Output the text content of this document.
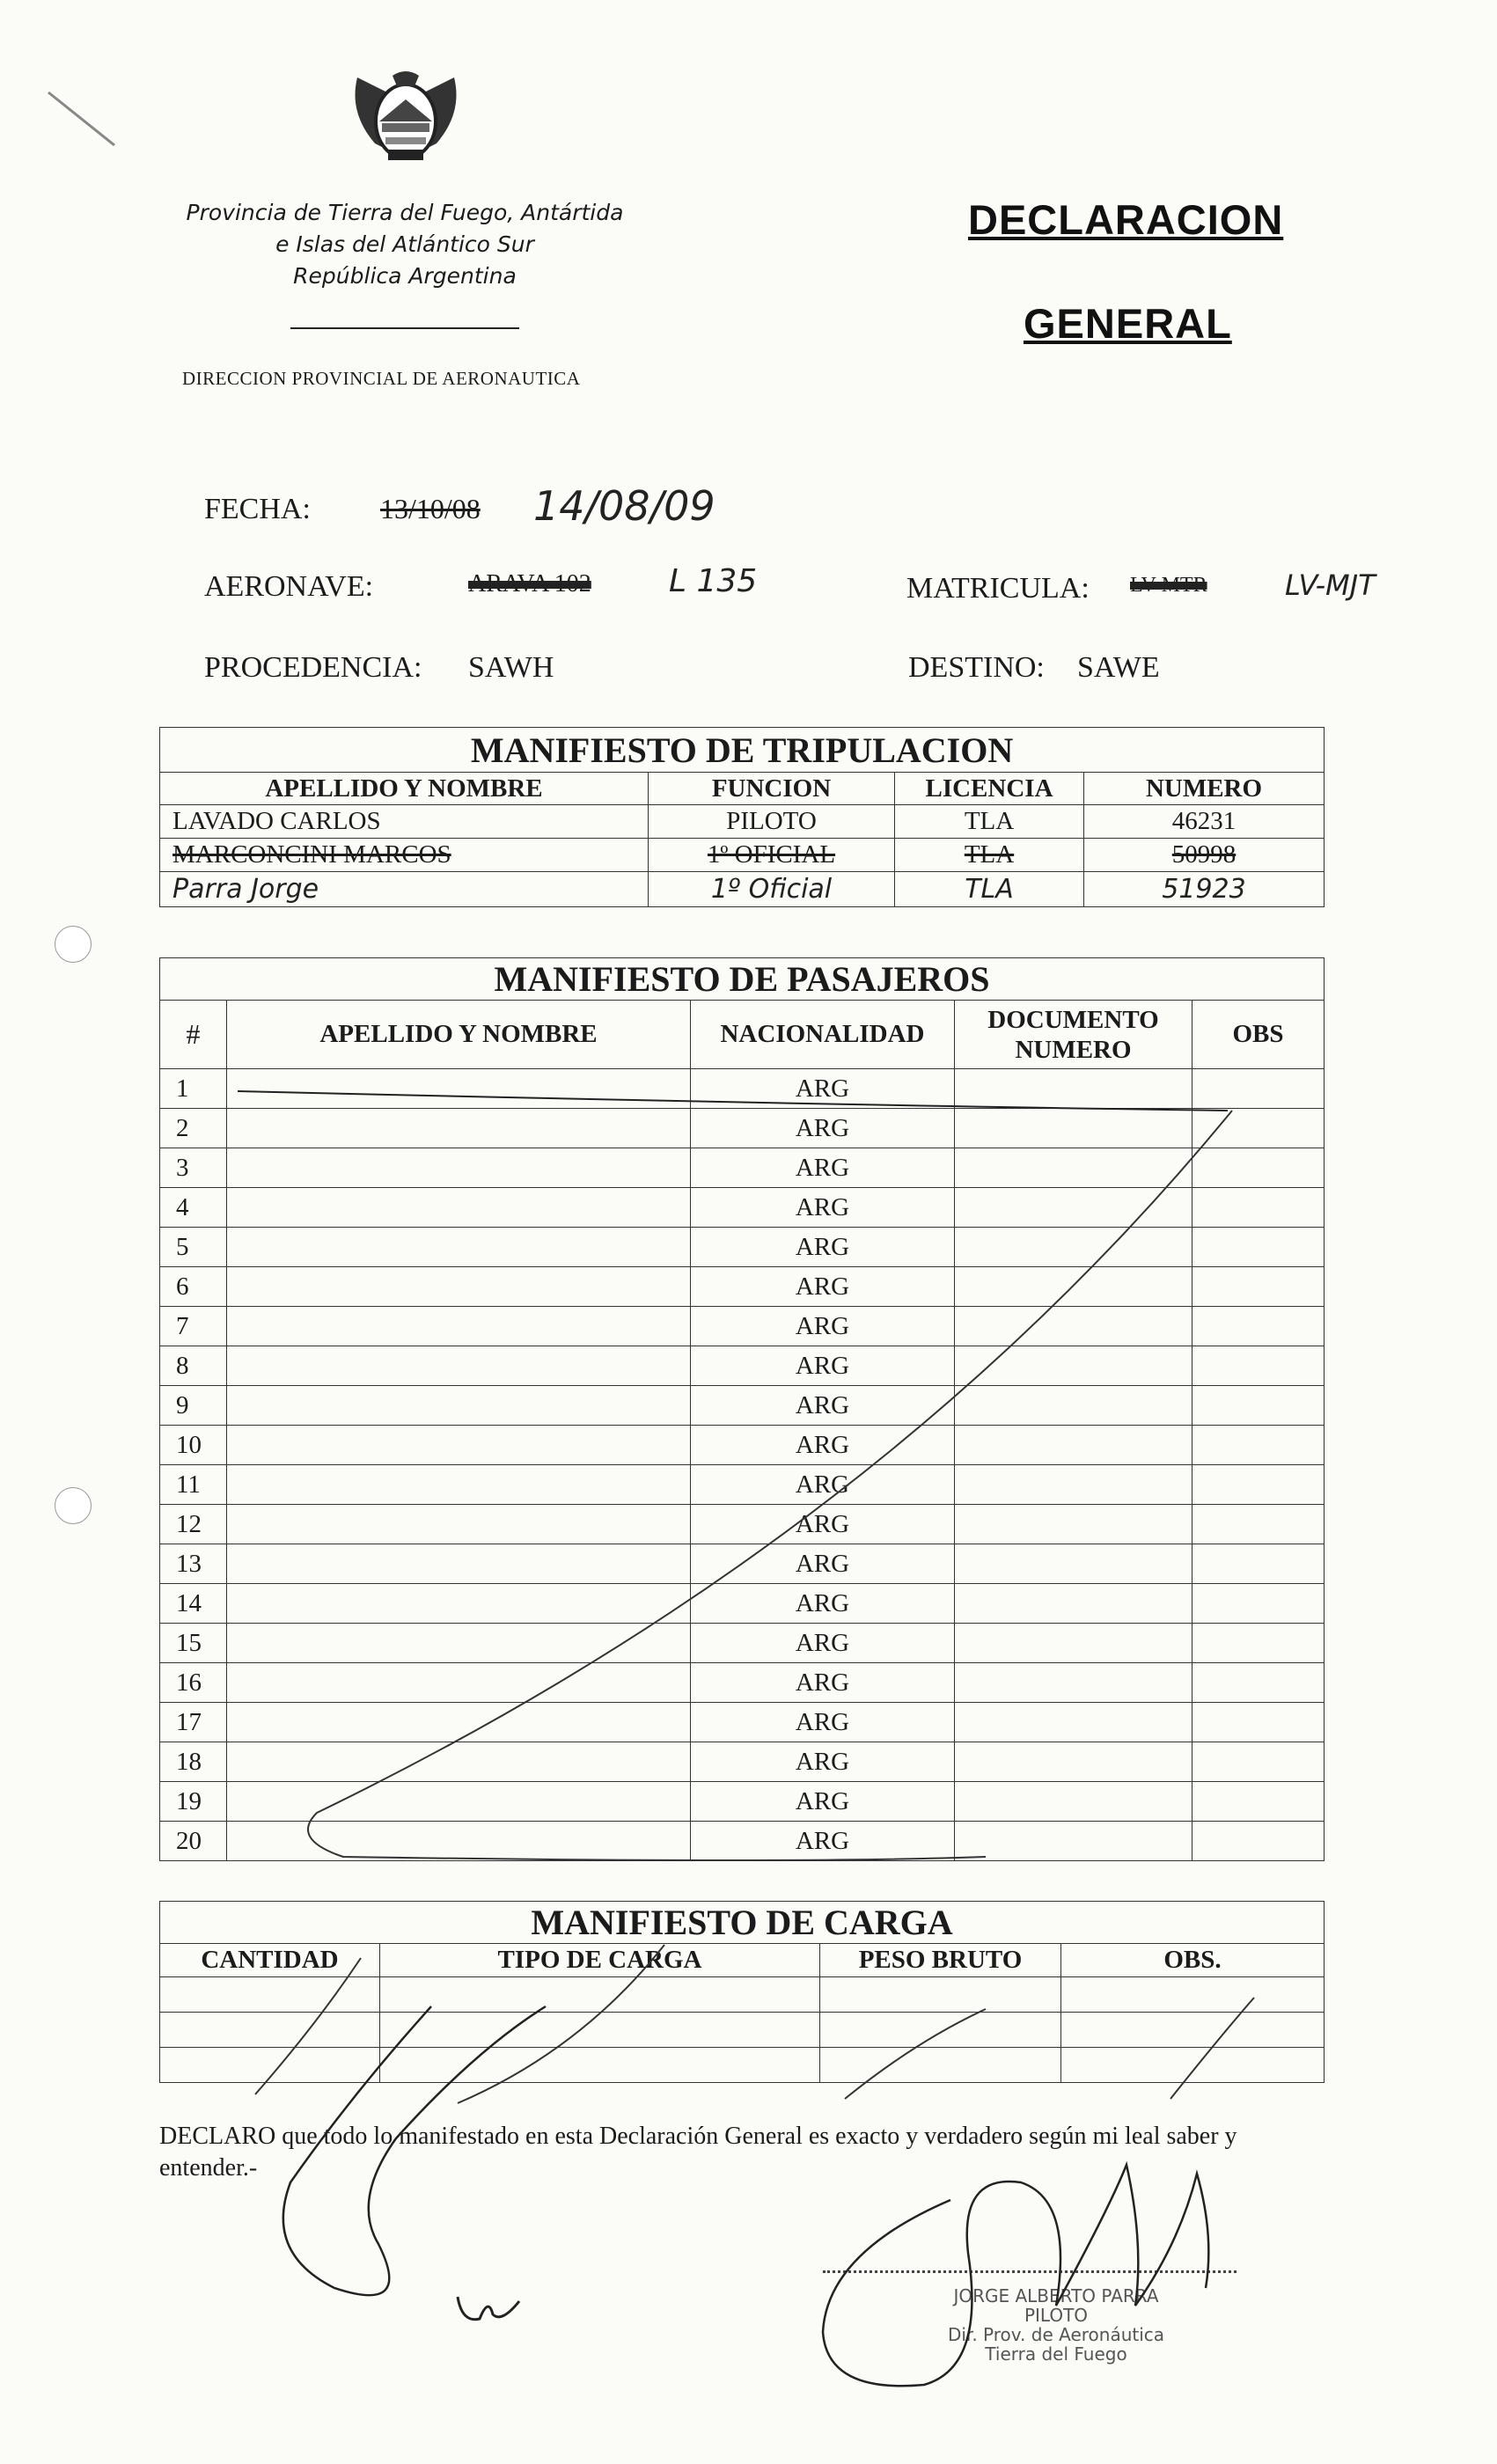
Provincia de Tierra del Fuego, Antártida
e Islas del Atlántico Sur
República Argentina
DIRECCION PROVINCIAL DE AERONAUTICA
DECLARACION
GENERAL
FECHA: 13/10/08 14/08/09
AERONAVE:	ARAVA 102 L 135	MATRICULA: LV-MTR	LV-MJT
PROCEDENCIA: SAWH	DESTINO: SAWE
MANIFIESTO DE TRIPULACION			
APELLIDO Y NOMBRE	FUNCION	LICENCIA	NUMERO
LAVADO CARLOS	PILOTO	TLA	46231
MARCONCINI MARCOS	1º OFICIAL	TLA	50998
Parra Jorge	1º Oficial	TLA	51923
MANIFIESTO DE PASAJEROS				
#	APELLIDO Y NOMBRE	NACIONALIDAD	DOCUMENTO
NUMERO	OBS
1		ARG		
2		ARG		
3		ARG		
4		ARG		
5		ARG		
6		ARG		
7		ARG		
8		ARG		
9		ARG		
10		ARG		
11		ARG		
12		ARG		
13		ARG		
14		ARG		
15		ARG		
16		ARG		
17		ARG		
18		ARG		
19		ARG		
20		ARG		
MANIFIESTO DE CARGA			
CANTIDAD	TIPO DE CARGA	PESO BRUTO	OBS.

DECLARO que todo lo manifestado en esta Declaración General es exacto y verdadero según mi leal saber y
entender.-
JORGE ALBERTO PARRA
PILOTO
Dir. Prov. de Aeronáutica
Tierra del Fuego
